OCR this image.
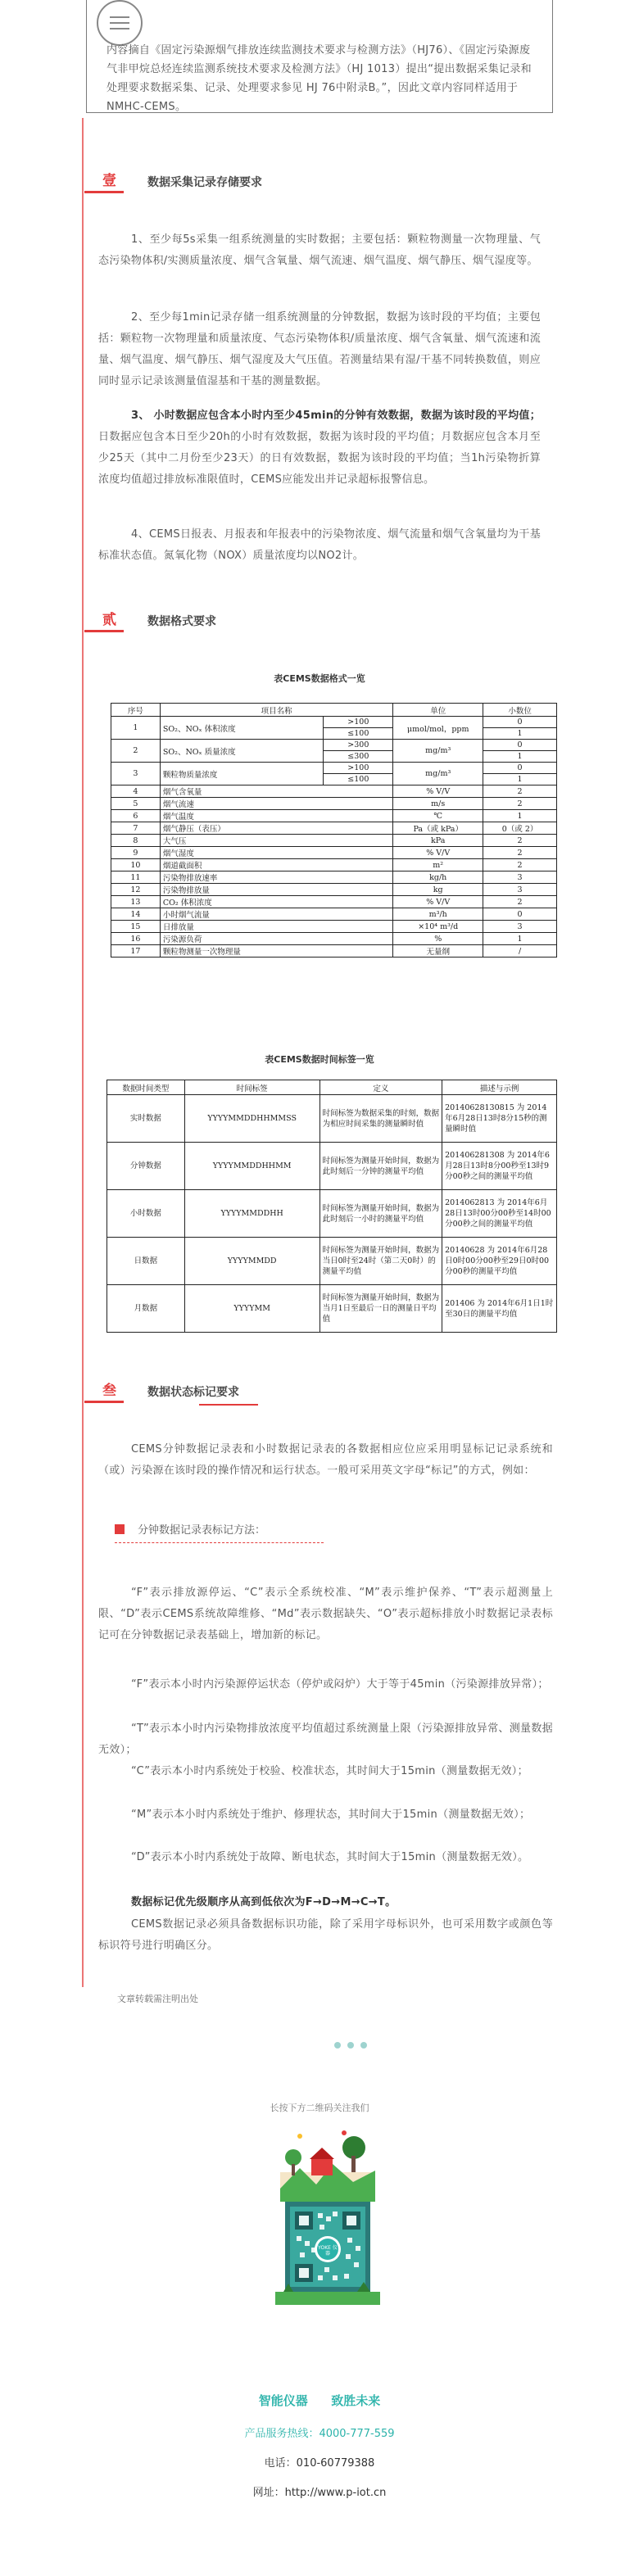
内容摘自《固定污染源烟气排放连续监测技术要求与检测方法》（HJ76）、《固定污染源废气非甲烷总烃连续监测系统技术要求及检测方法》（HJ 1013）提出“提出数据采集记录和处理要求数据采集、记录、处理要求参见 HJ 76中附录B。”，因此文章内容同样适用于NMHC-CEMS。
壹	数据采集记录存储要求
1、至少每5s采集一组系统测量的实时数据；主要包括：颗粒物测量一次物理量、气态污染物体积/实测质量浓度、烟气含氧量、烟气流速、烟气温度、烟气静压、烟气湿度等。
2、至少每1min记录存储一组系统测量的分钟数据，数据为该时段的平均值；主要包括：颗粒物一次物理量和质量浓度、气态污染物体积/质量浓度、烟气含氧量、烟气流速和流量、烟气温度、烟气静压、烟气湿度及大气压值。若测量结果有湿/干基不同转换数值，则应同时显示记录该测量值湿基和干基的测量数据。
3、 小时数据应包含本小时内至少45min的分钟有效数据，数据为该时段的平均值；日数据应包含本日至少20h的小时有效数据，数据为该时段的平均值；月数据应包含本月至少25天（其中二月份至少23天）的日有效数据，数据为该时段的平均值；当1h污染物折算浓度均值超过排放标准限值时，CEMS应能发出并记录超标报警信息。
4、CEMS日报表、月报表和年报表中的污染物浓度、烟气流量和烟气含氧量均为干基标准状态值。氮氧化物（NOX）质量浓度均以NO2计。
贰	数据格式要求
表CEMS数据格式一览
序号	项目名称		单位	小数位
1	SO₂、NOₓ 体积浓度	>100	μmol/mol，ppm	0
		≤100		1
2	SO₂、NOₓ 质量浓度	>300	mg/m³	0
		≤300		1
3	颗粒物质量浓度	>100	mg/m³	0
		≤100		1
4	烟气含氧量		% V/V	2
5	烟气流速		m/s	2
6	烟气温度		℃	1
7	烟气静压（表压）		Pa（或 kPa）	0（或 2）
8	大气压		kPa	2
9	烟气湿度		% V/V	2
10	烟道截面积		m²	2
11	污染物排放速率		kg/h	3
12	污染物排放量		kg	3
13	CO₂ 体积浓度		% V/V	2
14	小时烟气流量		m³/h	0
15	日排放量		×10⁴ m³/d	3
16	污染源负荷		%	1
17	颗粒物测量一次物理量		无量纲	/
表CEMS数据时间标签一览
数据时间类型	时间标签	定义	描述与示例
实时数据	YYYYMMDDHHMMSS	时间标签为数据采集的时刻，数据为相应时间采集的测量瞬时值	20140628130815 为 2014年6月28日13时8分15秒的测量瞬时值
分钟数据	YYYYMMDDHHMM	时间标签为测量开始时间，数据为此时刻后一分钟的测量平均值	201406281308 为 2014年6月28日13时8分00秒至13时9分00秒之间的测量平均值
小时数据	YYYYMMDDHH	时间标签为测量开始时间，数据为此时刻后一小时的测量平均值	2014062813 为 2014年6月28日13时00分00秒至14时00分00秒之间的测量平均值
日数据	YYYYMMDD	时间标签为测量开始时间，数据为当日0时至24时（第二天0时）的测量平均值	20140628 为 2014年6月28日0时00分00秒至29日0时00分00秒的测量平均值
月数据	YYYYMM	时间标签为测量开始时间，数据为当月1日至最后一日的测量日平均值	201406 为 2014年6月1日1时至30日的测量平均值
叁	数据状态标记要求
CEMS分钟数据记录表和小时数据记录表的各数据相应位应采用明显标记记录系统和（或）污染源在该时段的操作情况和运行状态。一般可采用英文字母“标记”的方式，例如：
分钟数据记录表标记方法：
“F”表示排放源停运、“C”表示全系统校准、“M”表示维护保养、“T”表示超测量上限、“D”表示CEMS系统故障维修、“Md”表示数据缺失、“O”表示超标排放小时数据记录表标记可在分钟数据记录表基础上，增加新的标记。
“F”表示本小时内污染源停运状态（停炉或闷炉）大于等于45min（污染源排放异常）；
“T”表示本小时内污染物排放浓度平均值超过系统测量上限（污染源排放异常、测量数据无效）；
“C”表示本小时内系统处于校验、校准状态，其时间大于15min（测量数据无效）；
“M”表示本小时内系统处于维护、修理状态，其时间大于15min（测量数据无效）；
“D”表示本小时内系统处于故障、断电状态，其时间大于15min（测量数据无效）。
数据标记优先级顺序从高到低依次为F→D→M→C→T。
CEMS数据记录必须具备数据标识功能，除了采用字母标识外，也可采用数字或颜色等标识符号进行明确区分。
文章转载需注明出处
长按下方二维码关注我们
YOKE 仪器
智能仪器 致胜未来
产品服务热线：4000-777-559
电话：010-60779388
网址：http://www.p-iot.cn
